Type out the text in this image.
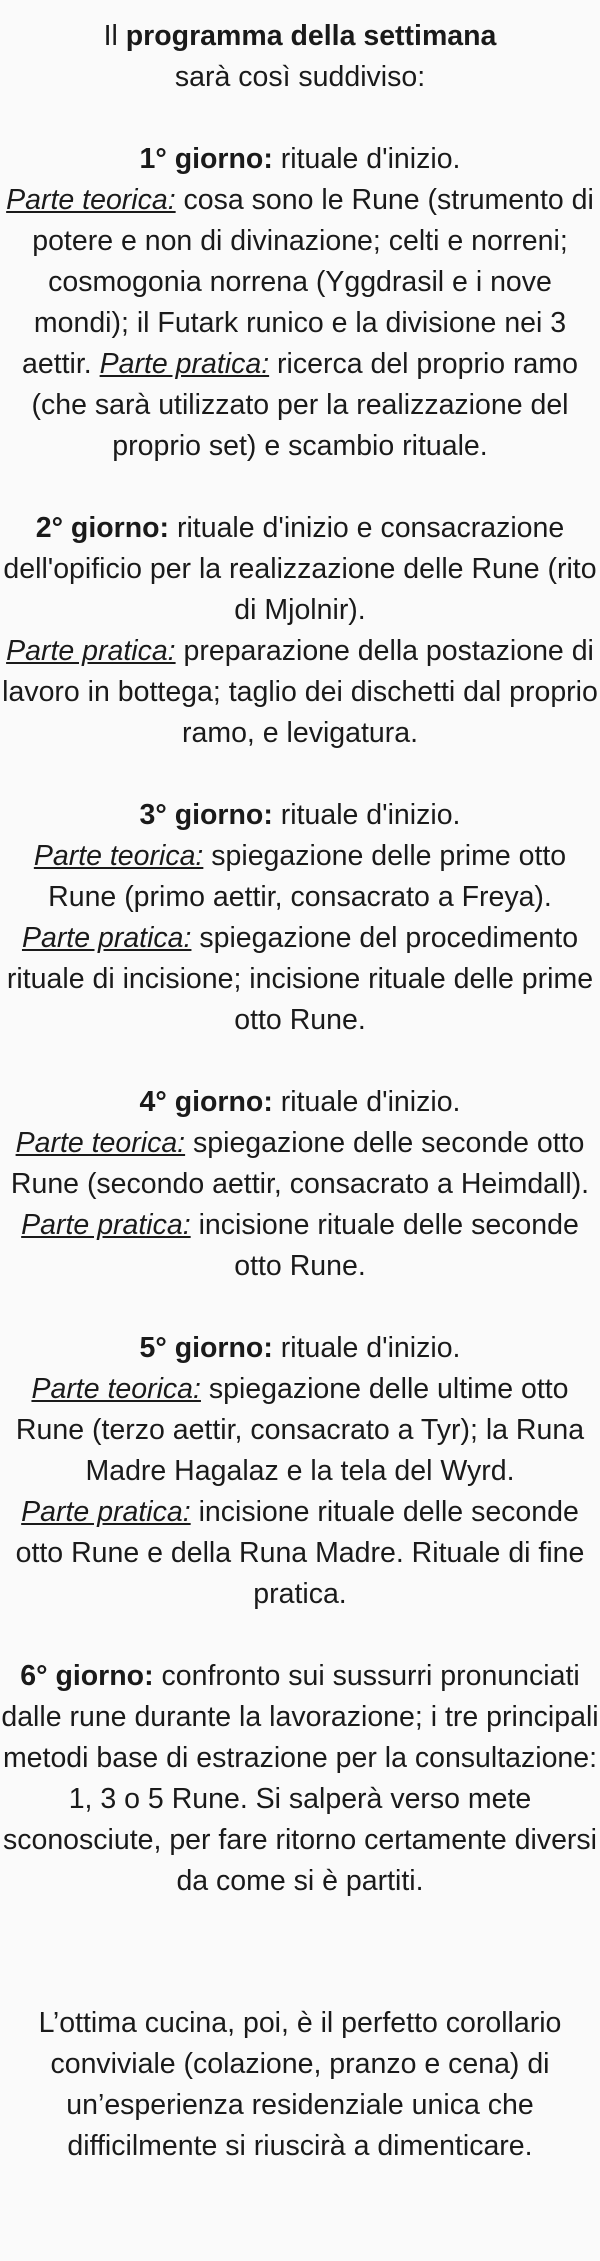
Il programma della settimana

sarà così suddiviso:

1° giorno: rituale d'inizio.
Parte teorica: cosa sono le Rune (strumento di potere e non di divinazione; celti e norreni; cosmogonia norrena (Yggdrasil e i nove mondi); il Futark runico e la divisione nei 3 aettir. Parte pratica: ricerca del proprio ramo (che sarà utilizzato per la realizzazione del proprio set) e scambio rituale.

2° giorno: rituale d'inizio e consacrazione dell'opificio per la realizzazione delle Rune (rito di Mjolnir).
Parte pratica: preparazione della postazione di lavoro in bottega; taglio dei dischetti dal proprio ramo, e levigatura.

3° giorno: rituale d'inizio.
Parte teorica: spiegazione delle prime otto Rune (primo aettir, consacrato a Freya).
Parte pratica: spiegazione del procedimento rituale di incisione; incisione rituale delle prime otto Rune.

4° giorno: rituale d'inizio.
Parte teorica: spiegazione delle seconde otto Rune (secondo aettir, consacrato a Heimdall). Parte pratica: incisione rituale delle seconde otto Rune.

5° giorno: rituale d'inizio.
Parte teorica: spiegazione delle ultime otto Rune (terzo aettir, consacrato a Tyr); la Runa Madre Hagalaz e la tela del Wyrd.
Parte pratica: incisione rituale delle seconde otto Rune e della Runa Madre. Rituale di fine pratica.

6° giorno: confronto sui sussurri pronunciati dalle rune durante la lavorazione; i tre principali metodi base di estrazione per la consultazione: 1, 3 o 5 Rune. Si salperà verso mete sconosciute, per fare ritorno certamente diversi da come si è partiti.

L’ottima cucina, poi, è il perfetto corollario conviviale (colazione, pranzo e cena) di un’esperienza residenziale unica che difficilmente si riuscirà a dimenticare.
